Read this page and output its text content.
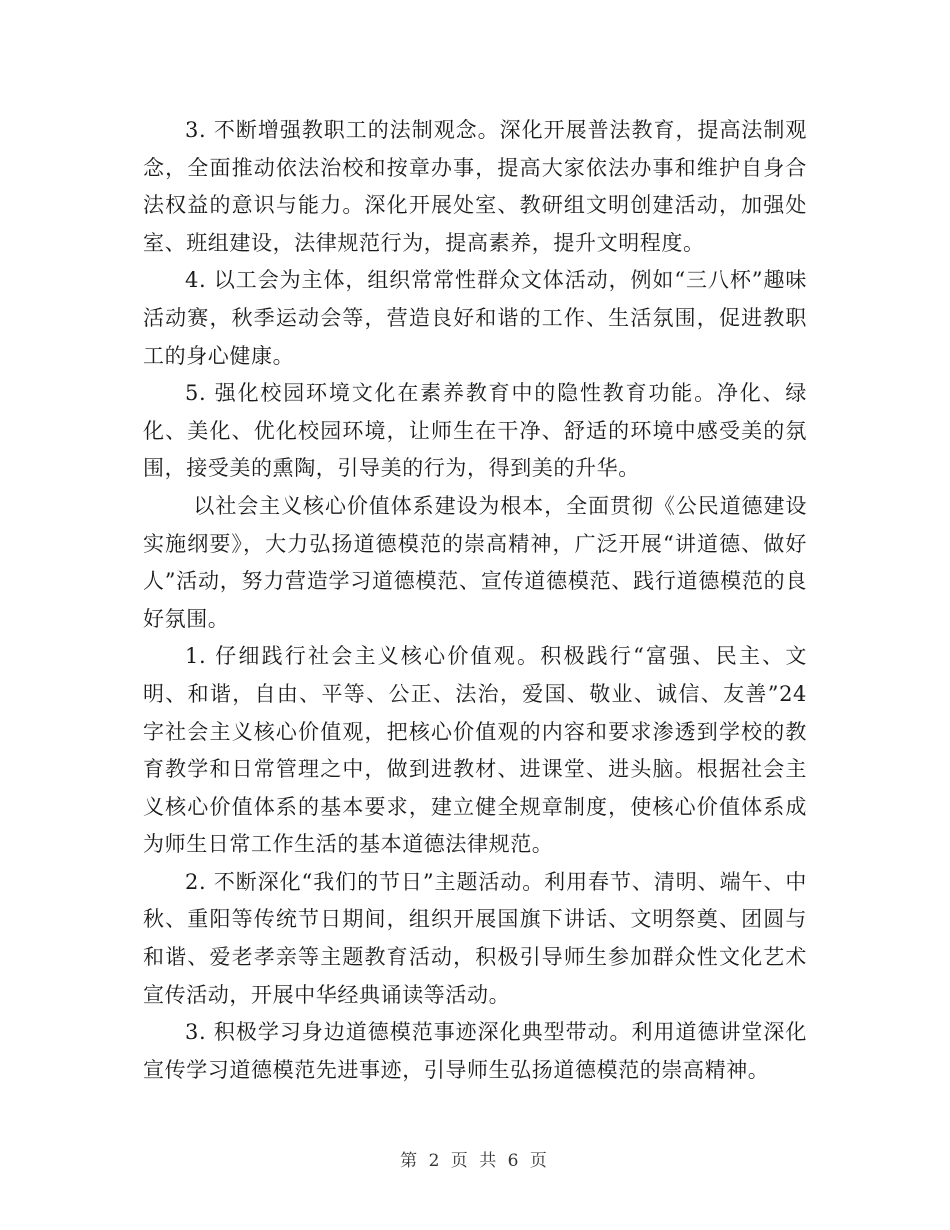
3. 不断增强教职工的法制观念。深化开展普法教育，提高法制观念，全面推动依法治校和按章办事，提高大家依法办事和维护自身合法权益的意识与能力。深化开展处室、教研组文明创建活动，加强处室、班组建设，法律规范行为，提高素养，提升文明程度。

4. 以工会为主体，组织常常性群众文体活动，例如“三八杯”趣味活动赛，秋季运动会等，营造良好和谐的工作、生活氛围，促进教职工的身心健康。

5. 强化校园环境文化在素养教育中的隐性教育功能。净化、绿化、美化、优化校园环境，让师生在干净、舒适的环境中感受美的氛围，接受美的熏陶，引导美的行为，得到美的升华。

以社会主义核心价值体系建设为根本，全面贯彻《公民道德建设实施纲要》，大力弘扬道德模范的崇高精神，广泛开展“讲道德、做好人”活动，努力营造学习道德模范、宣传道德模范、践行道德模范的良好氛围。

1. 仔细践行社会主义核心价值观。积极践行“富强、民主、文明、和谐，自由、平等、公正、法治，爱国、敬业、诚信、友善”24字社会主义核心价值观，把核心价值观的内容和要求渗透到学校的教育教学和日常管理之中，做到进教材、进课堂、进头脑。根据社会主义核心价值体系的基本要求，建立健全规章制度，使核心价值体系成为师生日常工作生活的基本道德法律规范。

2. 不断深化“我们的节日”主题活动。利用春节、清明、端午、中秋、重阳等传统节日期间，组织开展国旗下讲话、文明祭奠、团圆与和谐、爱老孝亲等主题教育活动，积极引导师生参加群众性文化艺术宣传活动，开展中华经典诵读等活动。

3. 积极学习身边道德模范事迹深化典型带动。利用道德讲堂深化宣传学习道德模范先进事迹，引导师生弘扬道德模范的崇高精神。

第 2 页 共 6 页
